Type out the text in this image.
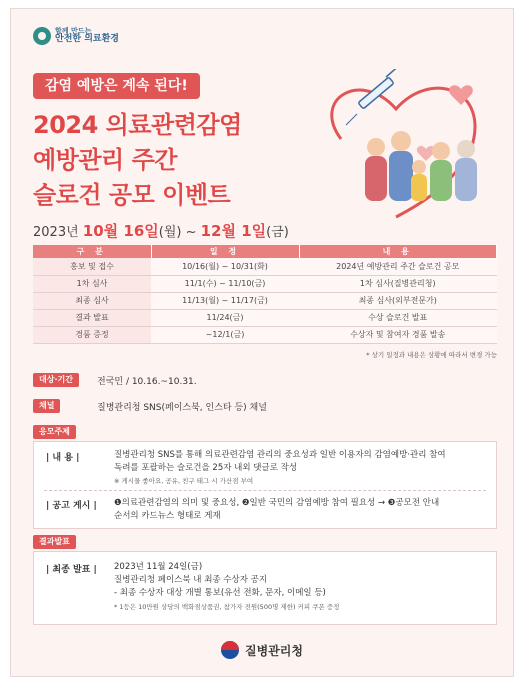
함께 만드는
안전한 의료환경
감염 예방은 계속 된다!
2024 의료관련감염
예방관리 주간
슬로건 공모 이벤트
2023년 10월 16일(월) ~ 12월 1일(금)
구 분	일 정	내 용
홍보 및 접수	10/16(월) ~ 10/31(화)	2024년 예방관리 주간 슬로건 공모
1차 심사	11/1(수) ~ 11/10(금)	1차 심사(질병관리청)
최종 심사	11/13(월) ~ 11/17(금)	최종 심사(외부전문가)
결과 발표	11/24(금)	수상 슬로건 발표
경품 증정	~12/1(금)	수상자 및 참여자 경품 발송
* 상기 일정과 내용은 상황에 따라서 변경 가능
대상·기간	전국민 / 10.16.~10.31.
채널	질병관리청 SNS(페이스북, 인스타 등) 채널
응모주제
| 내 용 |	질병관리청 SNS를 통해 의료관련감염 관리의 중요성과 일반 이용자의 감염예방·관리 참여
독려를 포괄하는 슬로건을 25자 내외 댓글로 작성
※ 게시물 좋아요, 공유, 친구 태그 시 가산점 부여
| 공고 게시 | ❶의료관련감염의 의미 및 중요성, ❷일반 국민의 감염예방 참여 필요성 → ❸공모전 안내
순서의 카드뉴스 형태로 게재
결과발표
| 최종 발표 | 2023년 11월 24일(금)
질병관리청 페이스북 내 최종 수상자 공지
- 최종 수상자 대상 개별 통보(유선 전화, 문자, 이메일 등)
* 1등은 10만원 상당의 백화점상품권, 참가자 전원(500명 제한) 커피 쿠폰 증정
질병관리청
